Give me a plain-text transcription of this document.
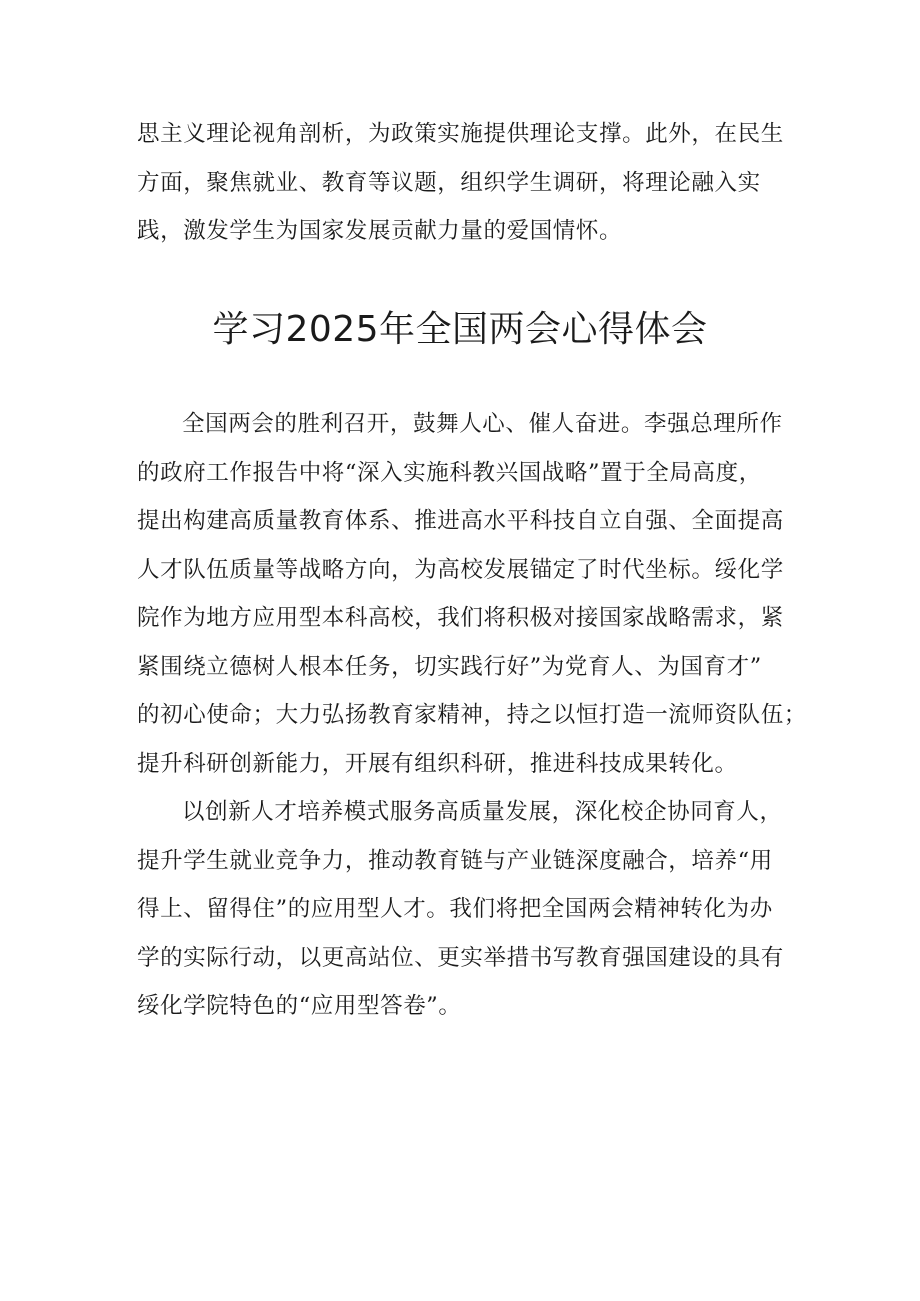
思主义理论视角剖析，为政策实施提供理论支撑。此外，在民生
方面，聚焦就业、教育等议题，组织学生调研，将理论融入实
践，激发学生为国家发展贡献力量的爱国情怀。

学习2025年全国两会心得体会

全国两会的胜利召开，鼓舞人心、催人奋进。李强总理所作
的政府工作报告中将“深入实施科教兴国战略”置于全局高度，
提出构建高质量教育体系、推进高水平科技自立自强、全面提高
人才队伍质量等战略方向，为高校发展锚定了时代坐标。绥化学
院作为地方应用型本科高校，我们将积极对接国家战略需求，紧
紧围绕立德树人根本任务，切实践行好”为党育人、为国育才”
的初心使命；大力弘扬教育家精神，持之以恒打造一流师资队伍；
提升科研创新能力，开展有组织科研，推进科技成果转化。

以创新人才培养模式服务高质量发展，深化校企协同育人，
提升学生就业竞争力，推动教育链与产业链深度融合，培养“用
得上、留得住”的应用型人才。我们将把全国两会精神转化为办
学的实际行动，以更高站位、更实举措书写教育强国建设的具有
绥化学院特色的“应用型答卷”。
